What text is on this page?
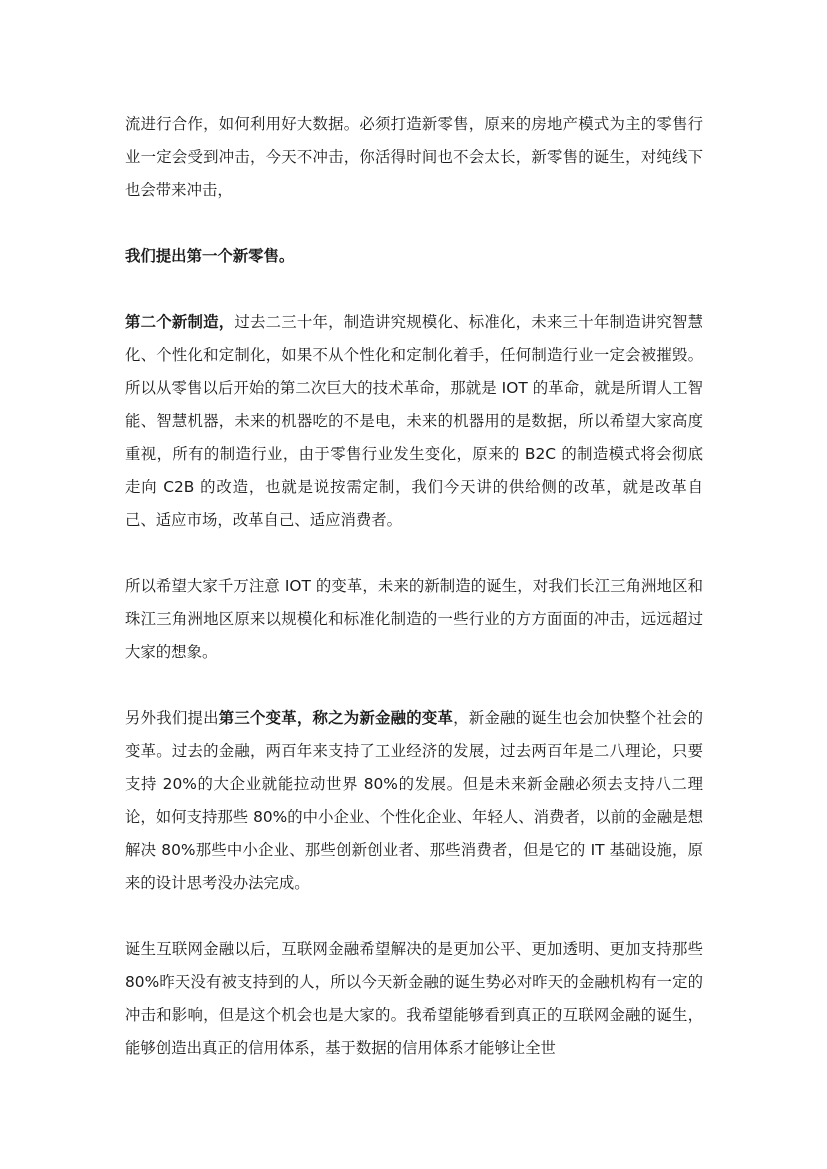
流进行合作，如何利用好大数据。必须打造新零售，原来的房地产模式为主的零售行业一定会受到冲击，今天不冲击，你活得时间也不会太长，新零售的诞生，对纯线下也会带来冲击，

我们提出第一个新零售。

第二个新制造，过去二三十年，制造讲究规模化、标准化，未来三十年制造讲究智慧化、个性化和定制化，如果不从个性化和定制化着手，任何制造行业一定会被摧毁。所以从零售以后开始的第二次巨大的技术革命，那就是 IOT 的革命，就是所谓人工智能、智慧机器，未来的机器吃的不是电，未来的机器用的是数据，所以希望大家高度重视，所有的制造行业，由于零售行业发生变化，原来的 B2C 的制造模式将会彻底走向 C2B 的改造，也就是说按需定制，我们今天讲的供给侧的改革，就是改革自己、适应市场，改革自己、适应消费者。

所以希望大家千万注意 IOT 的变革，未来的新制造的诞生，对我们长江三角洲地区和珠江三角洲地区原来以规模化和标准化制造的一些行业的方方面面的冲击，远远超过大家的想象。

另外我们提出第三个变革，称之为新金融的变革，新金融的诞生也会加快整个社会的变革。过去的金融，两百年来支持了工业经济的发展，过去两百年是二八理论，只要支持 20%的大企业就能拉动世界 80%的发展。但是未来新金融必须去支持八二理论，如何支持那些 80%的中小企业、个性化企业、年轻人、消费者，以前的金融是想解决 80%那些中小企业、那些创新创业者、那些消费者，但是它的 IT 基础设施，原来的设计思考没办法完成。

诞生互联网金融以后，互联网金融希望解决的是更加公平、更加透明、更加支持那些 80%昨天没有被支持到的人，所以今天新金融的诞生势必对昨天的金融机构有一定的冲击和影响，但是这个机会也是大家的。我希望能够看到真正的互联网金融的诞生，能够创造出真正的信用体系，基于数据的信用体系才能够让全世
